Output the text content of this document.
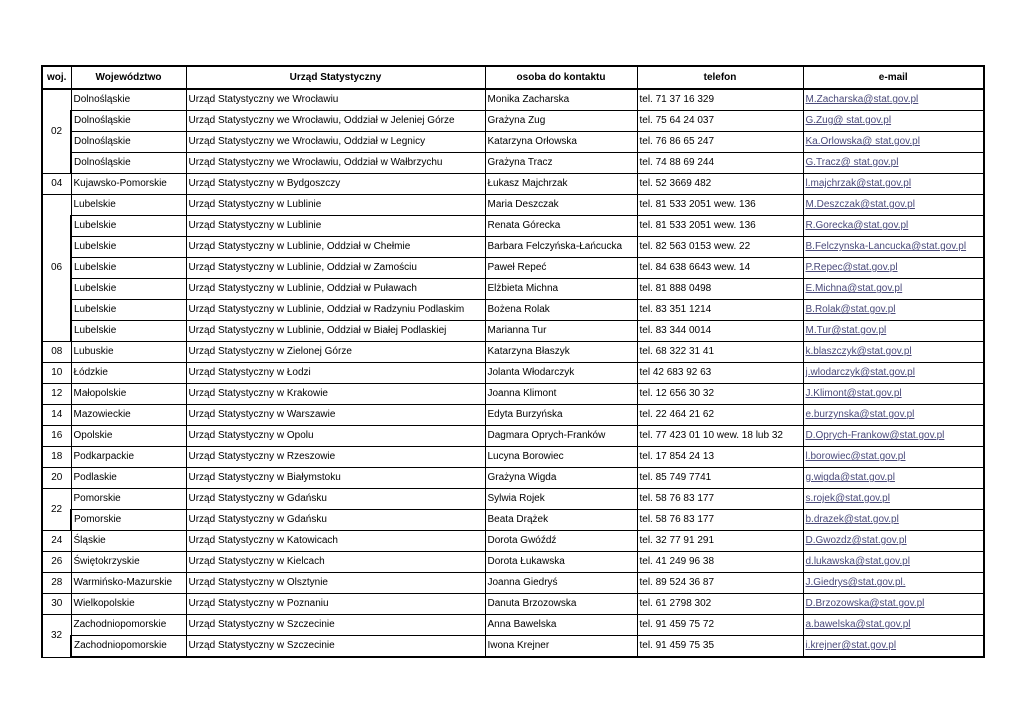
woj.	Województwo	Urząd Statystyczny	osoba do kontaktu	telefon	e-mail
02	Dolnośląskie	Urząd Statystyczny we Wrocławiu	Monika Zacharska	tel. 71 37 16 329	M.Zacharska@stat.gov.pl
	Dolnośląskie	Urząd Statystyczny we Wrocławiu, Oddział w Jeleniej Górze	Grażyna Zug	tel. 75 64 24 037	G.Zug@ stat.gov.pl
	Dolnośląskie	Urząd Statystyczny we Wrocławiu, Oddział w Legnicy	Katarzyna Orłowska	tel. 76 86 65 247	Ka.Orlowska@ stat.gov.pl
	Dolnośląskie	Urząd Statystyczny we Wrocławiu, Oddział w Wałbrzychu	Grażyna Tracz	tel. 74 88 69 244	G.Tracz@ stat.gov.pl
04	Kujawsko-Pomorskie	Urząd Statystyczny w Bydgoszczy	Łukasz Majchrzak	tel. 52 3669 482	l.majchrzak@stat.gov.pl
06	Lubelskie	Urząd Statystyczny w Lublinie	Maria Deszczak	tel. 81 533 2051 wew. 136	M.Deszczak@stat.gov.pl
	Lubelskie	Urząd Statystyczny w Lublinie	Renata Górecka	tel. 81 533 2051 wew. 136	R.Gorecka@stat.gov.pl
	Lubelskie	Urząd Statystyczny w Lublinie, Oddział w Chełmie	Barbara Felczyńska-Łańcucka	tel. 82 563 0153 wew. 22	B.Felczynska-Lancucka@stat.gov.pl
	Lubelskie	Urząd Statystyczny w Lublinie, Oddział w Zamościu	Paweł Repeć	tel. 84 638 6643 wew. 14	P.Repec@stat.gov.pl
	Lubelskie	Urząd Statystyczny w Lublinie, Oddział w Puławach	Elżbieta Michna	tel. 81 888 0498	E.Michna@stat.gov.pl
	Lubelskie	Urząd Statystyczny w Lublinie, Oddział w Radzyniu Podlaskim	Bożena Rolak	tel. 83 351 1214	B.Rolak@stat.gov.pl
	Lubelskie	Urząd Statystyczny w Lublinie, Oddział w Białej Podlaskiej	Marianna Tur	tel. 83 344 0014	M.Tur@stat.gov.pl
08	Lubuskie	Urząd Statystyczny w Zielonej Górze	Katarzyna Błaszyk	tel. 68 322 31 41	k.blaszczyk@stat.gov.pl
10	Łódzkie	Urząd Statystyczny w Łodzi	Jolanta Włodarczyk	tel 42 683 92 63	j.wlodarczyk@stat.gov.pl
12	Małopolskie	Urząd Statystyczny w Krakowie	Joanna Klimont	tel. 12 656 30 32	J.Klimont@stat.gov.pl
14	Mazowieckie	Urząd Statystyczny w Warszawie	Edyta Burzyńska	tel. 22 464 21 62	e.burzynska@stat.gov.pl
16	Opolskie	Urząd Statystyczny w Opolu	Dagmara Oprych-Franków	tel. 77 423 01 10 wew. 18 lub 32	D.Oprych-Frankow@stat.gov.pl
18	Podkarpackie	Urząd Statystyczny w Rzeszowie	Lucyna Borowiec	tel. 17 854 24 13	l.borowiec@stat.gov.pl
20	Podlaskie	Urząd Statystyczny w Białymstoku	Grażyna Wigda	tel. 85 749 7741	g.wigda@stat.gov.pl
22	Pomorskie	Urząd Statystyczny w Gdańsku	Sylwia Rojek	tel. 58 76 83 177	s.rojek@stat.gov.pl
	Pomorskie	Urząd Statystyczny w Gdańsku	Beata Drążek	tel. 58 76 83 177	b.drazek@stat.gov.pl
24	Śląskie	Urząd Statystyczny w Katowicach	Dorota Gwóźdź	tel. 32 77 91 291	D.Gwozdz@stat.gov.pl
26	Świętokrzyskie	Urząd Statystyczny w Kielcach	Dorota Łukawska	tel. 41 249 96 38	d.lukawska@stat.gov.pl
28	Warmińsko-Mazurskie	Urząd Statystyczny w Olsztynie	Joanna Giedryś	tel. 89 524 36 87	J.Giedrys@stat.gov.pl.
30	Wielkopolskie	Urząd Statystyczny w Poznaniu	Danuta Brzozowska	tel. 61 2798 302	D.Brzozowska@stat.gov.pl
32	Zachodniopomorskie	Urząd Statystyczny w Szczecinie	Anna Bawelska	tel. 91 459 75 72	a.bawelska@stat.gov.pl
	Zachodniopomorskie	Urząd Statystyczny w Szczecinie	Iwona Krejner	tel. 91 459 75 35	i.krejner@stat.gov.pl
